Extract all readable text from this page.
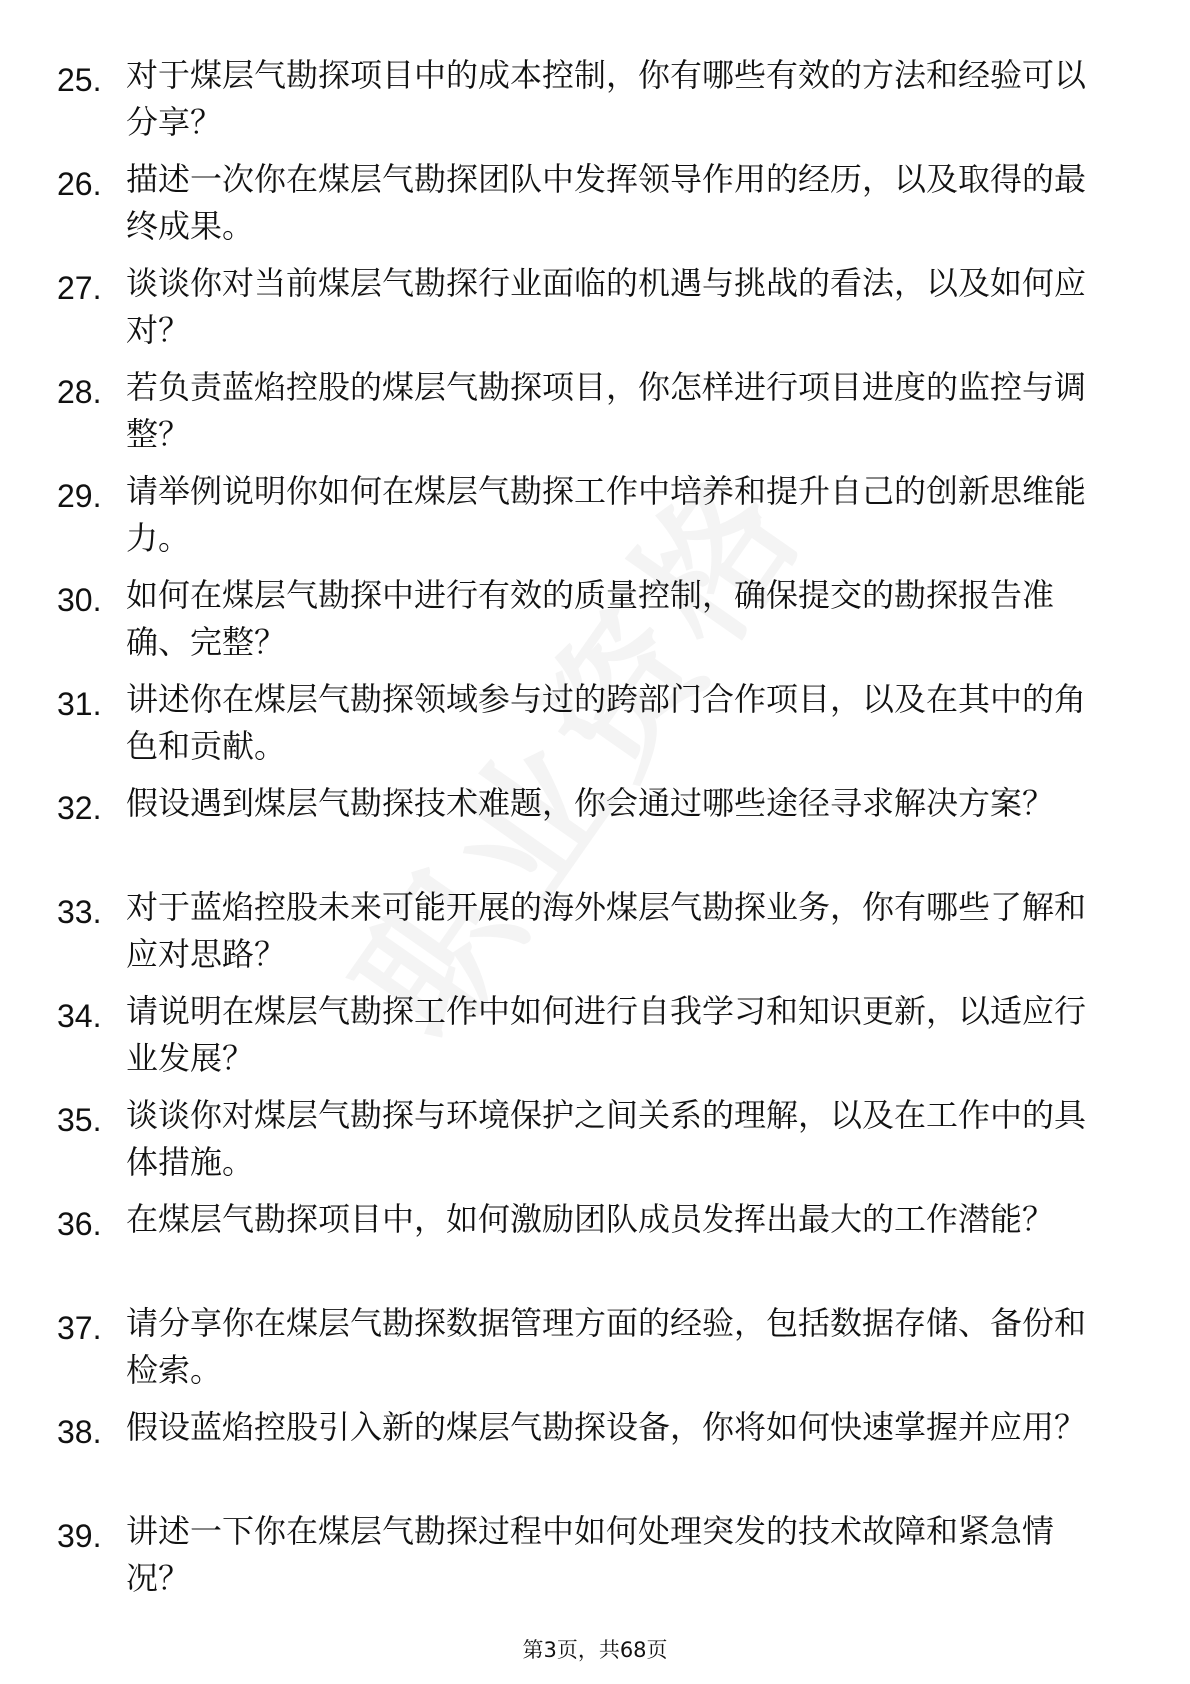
25. 对于煤层气勘探项目中的成本控制，你有哪些有效的方法和经验可以分享？
26. 描述一次你在煤层气勘探团队中发挥领导作用的经历，以及取得的最终成果。
27. 谈谈你对当前煤层气勘探行业面临的机遇与挑战的看法，以及如何应对？
28. 若负责蓝焰控股的煤层气勘探项目，你怎样进行项目进度的监控与调整？
29. 请举例说明你如何在煤层气勘探工作中培养和提升自己的创新思维能力。
30. 如何在煤层气勘探中进行有效的质量控制，确保提交的勘探报告准确、完整？
31. 讲述你在煤层气勘探领域参与过的跨部门合作项目，以及在其中的角色和贡献。
32. 假设遇到煤层气勘探技术难题，你会通过哪些途径寻求解决方案？
33. 对于蓝焰控股未来可能开展的海外煤层气勘探业务，你有哪些了解和应对思路？
34. 请说明在煤层气勘探工作中如何进行自我学习和知识更新，以适应行业发展？
35. 谈谈你对煤层气勘探与环境保护之间关系的理解，以及在工作中的具体措施。
36. 在煤层气勘探项目中，如何激励团队成员发挥出最大的工作潜能？
37. 请分享你在煤层气勘探数据管理方面的经验，包括数据存储、备份和检索。
38. 假设蓝焰控股引入新的煤层气勘探设备，你将如何快速掌握并应用？
39. 讲述一下你在煤层气勘探过程中如何处理突发的技术故障和紧急情况？
第3页，共68页
